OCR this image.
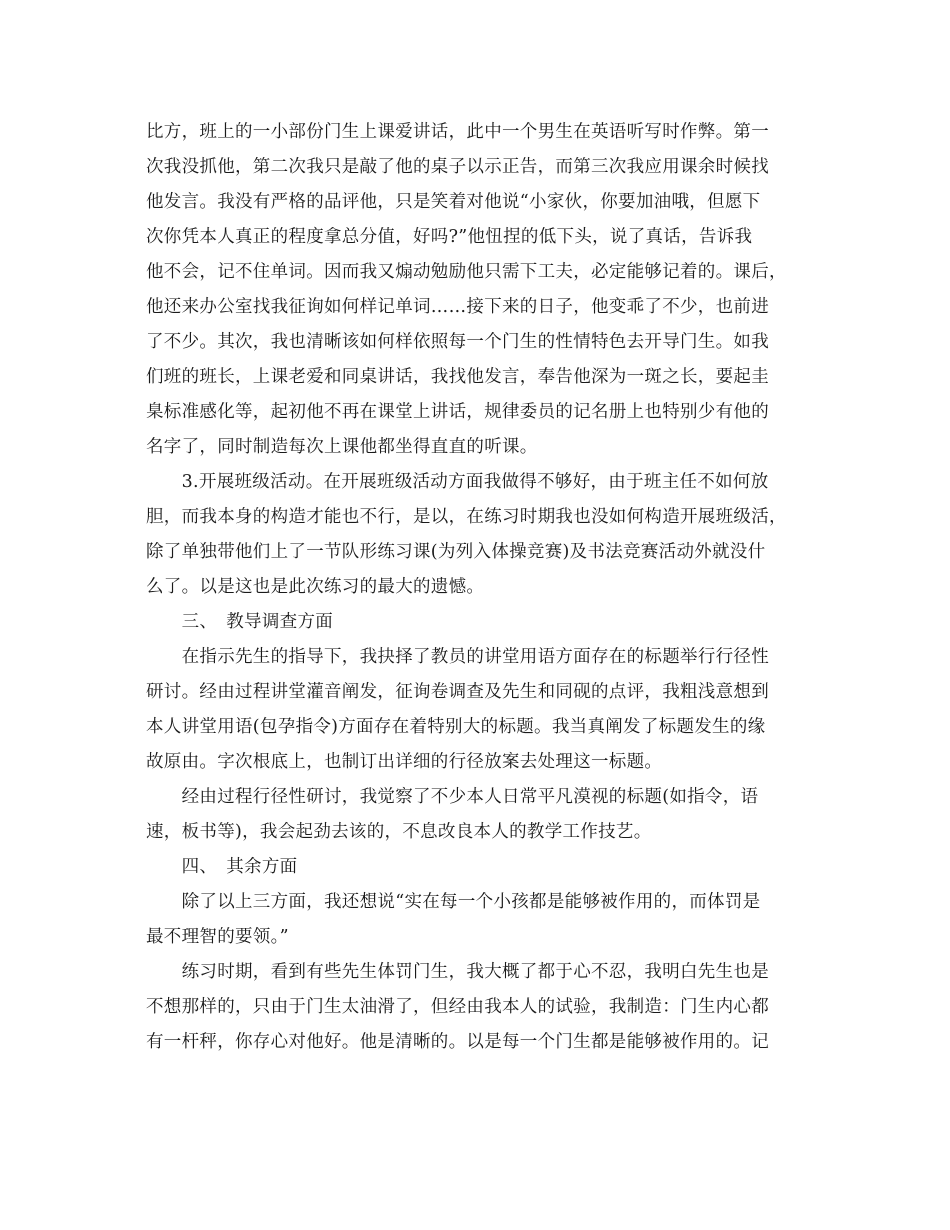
比方，班上的一小部份门生上课爱讲话，此中一个男生在英语听写时作弊。第一
次我没抓他，第二次我只是敲了他的桌子以示正告，而第三次我应用课余时候找
他发言。我没有严格的品评他，只是笑着对他说“小家伙，你要加油哦，但愿下
次你凭本人真正的程度拿总分值，好吗?”他忸捏的低下头，说了真话，告诉我
他不会，记不住单词。因而我又煽动勉励他只需下工夫，必定能够记着的。课后，
他还来办公室找我征询如何样记单词……接下来的日子，他变乖了不少，也前进
了不少。其次，我也清晰该如何样依照每一个门生的性情特色去开导门生。如我
们班的班长，上课老爱和同桌讲话，我找他发言，奉告他深为一斑之长，要起圭
臬标准感化等，起初他不再在课堂上讲话，规律委员的记名册上也特别少有他的
名字了，同时制造每次上课他都坐得直直的听课。
　　3.开展班级活动。在开展班级活动方面我做得不够好，由于班主任不如何放
胆，而我本身的构造才能也不行，是以，在练习时期我也没如何构造开展班级活，
除了单独带他们上了一节队形练习课(为列入体操竞赛)及书法竞赛活动外就没什
么了。以是这也是此次练习的最大的遗憾。
　　三、　教导调查方面
　　在指示先生的指导下，我抉择了教员的讲堂用语方面存在的标题举行行径性
研讨。经由过程讲堂灌音阐发，征询卷调查及先生和同砚的点评，我粗浅意想到
本人讲堂用语(包孕指令)方面存在着特别大的标题。我当真阐发了标题发生的缘
故原由。字次根底上，也制订出详细的行径放案去处理这一标题。
　　经由过程行径性研讨，我觉察了不少本人日常平凡漠视的标题(如指令，语
速，板书等)，我会起劲去该的，不息改良本人的教学工作技艺。
　　四、　其余方面
　　除了以上三方面，我还想说“实在每一个小孩都是能够被作用的，而体罚是
最不理智的要领。”
　　练习时期，看到有些先生体罚门生，我大概了都于心不忍，我明白先生也是
不想那样的，只由于门生太油滑了，但经由我本人的试验，我制造：门生内心都
有一杆秤，你存心对他好。他是清晰的。以是每一个门生都是能够被作用的。记
